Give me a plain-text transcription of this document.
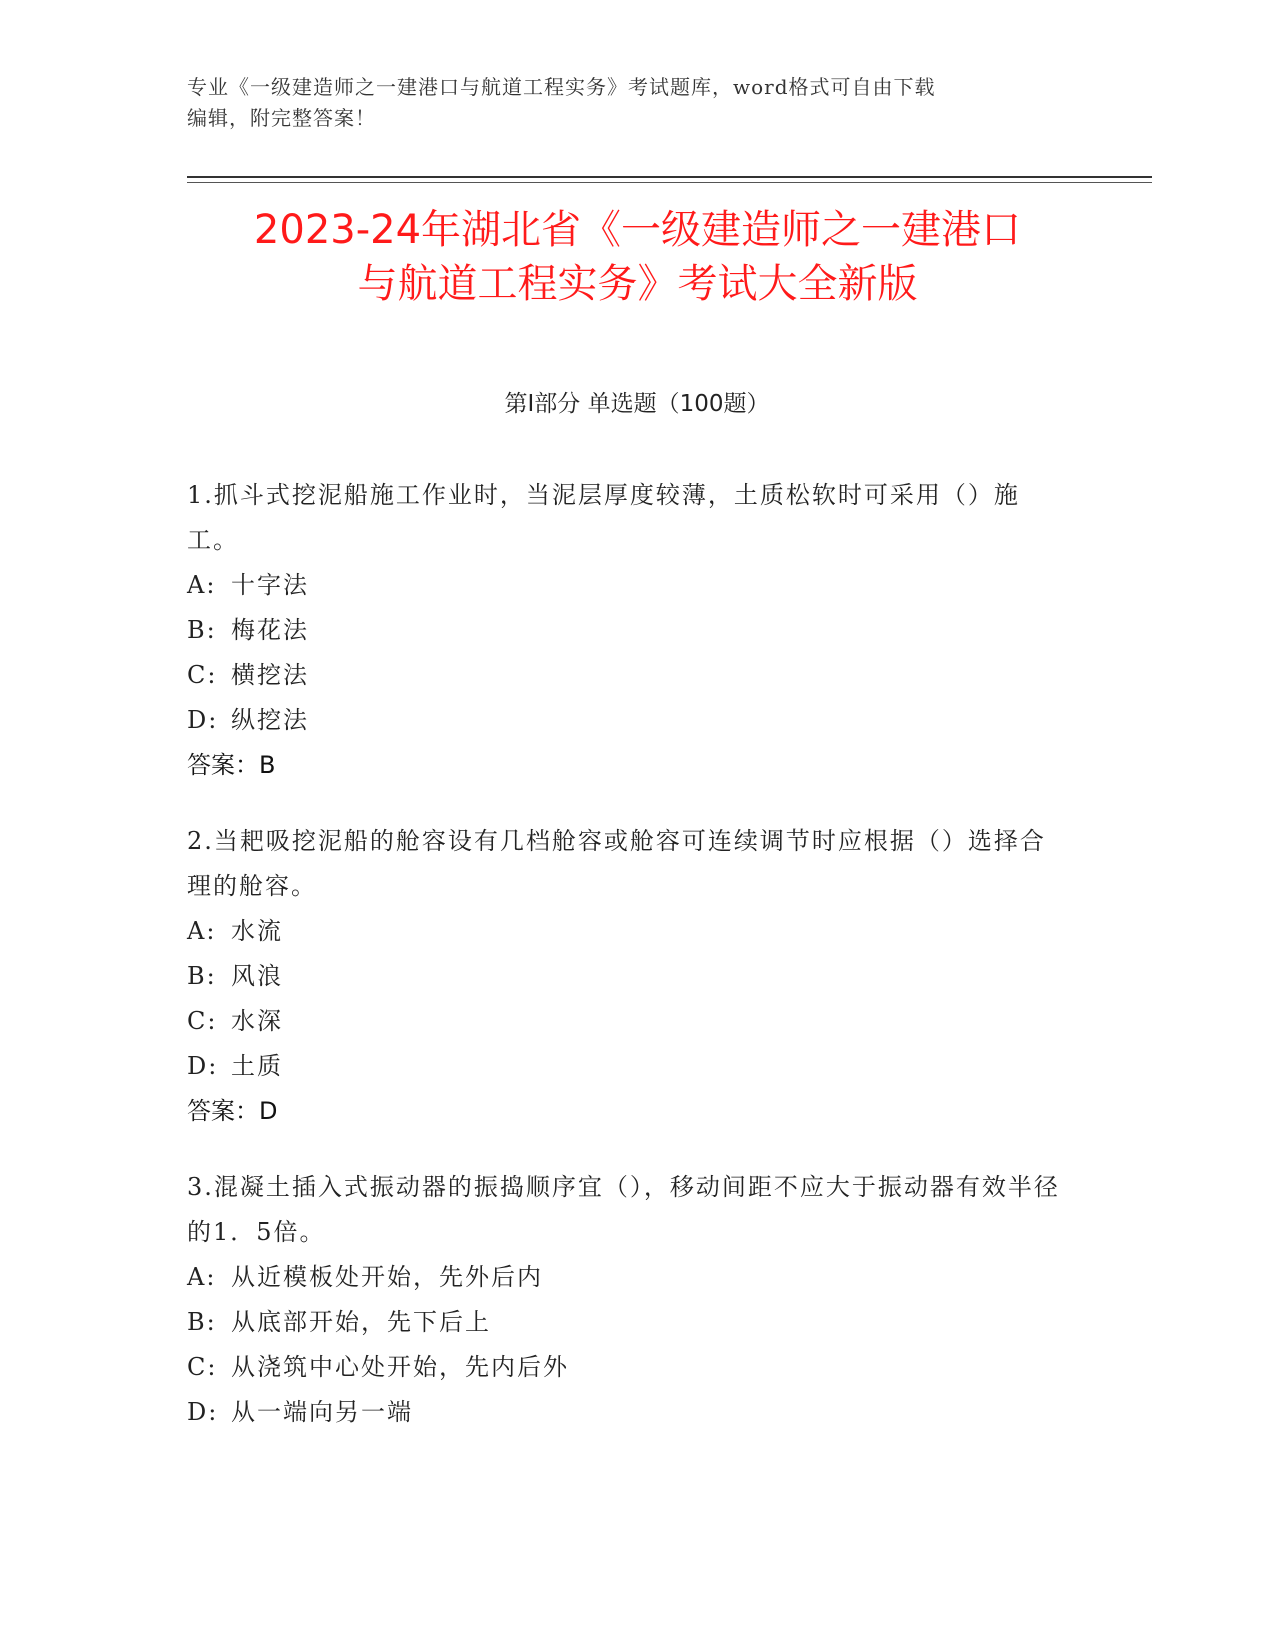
专业《一级建造师之一建港口与航道工程实务》考试题库，word格式可自由下载
编辑，附完整答案！
2023-24年湖北省《一级建造师之一建港口
与航道工程实务》考试大全新版
第Ⅰ部分 单选题（100题）
1.抓斗式挖泥船施工作业时，当泥层厚度较薄，土质松软时可采用（）施工。
A: 十字法
B: 梅花法
C: 横挖法
D: 纵挖法
答案：B
2.当耙吸挖泥船的舱容设有几档舱容或舱容可连续调节时应根据（）选择合理的舱容。
A: 水流
B: 风浪
C: 水深
D: 土质
答案：D
3.混凝土插入式振动器的振捣顺序宜（），移动间距不应大于振动器有效半径的1．5倍。
A: 从近模板处开始，先外后内
B: 从底部开始，先下后上
C: 从浇筑中心处开始，先内后外
D: 从一端向另一端
